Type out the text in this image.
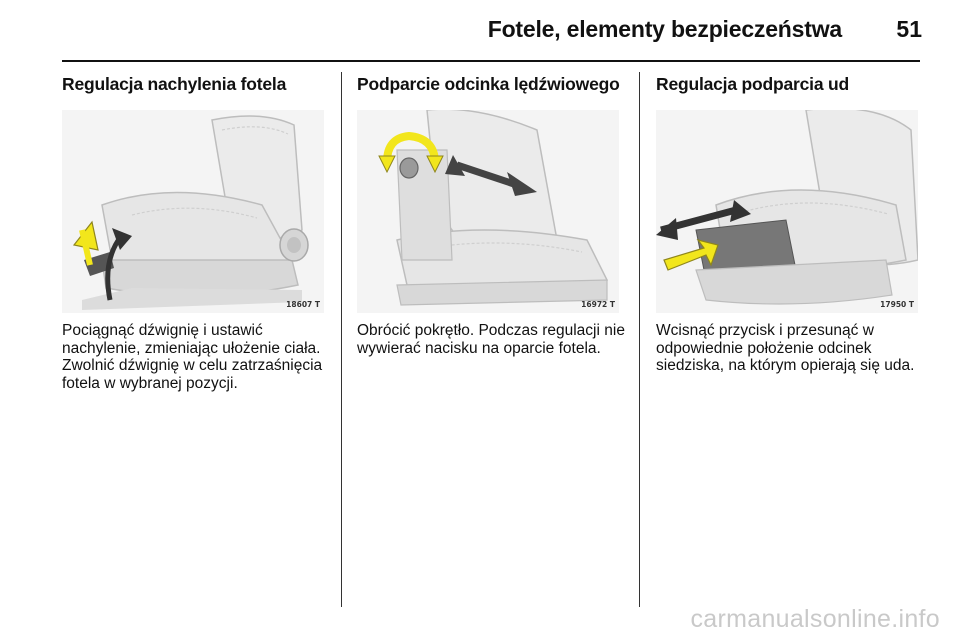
Fotele, elementy bezpieczeństwa 51
Regulacja nachylenia fotela
18607 T
Pociągnąć dźwignię i ustawić nachylenie, zmieniając ułożenie ciała. Zwolnić dźwignię w celu zatrzaśnięcia fotela w wybranej pozycji.
Podparcie odcinka lędźwiowego
16972 T
Obrócić pokrętło. Podczas regulacji nie wywierać nacisku na oparcie fotela.
Regulacja podparcia ud
17950 T
Wcisnąć przycisk i przesunąć w odpowiednie położenie odcinek siedziska, na którym opierają się uda.
carmanualsonline.info
